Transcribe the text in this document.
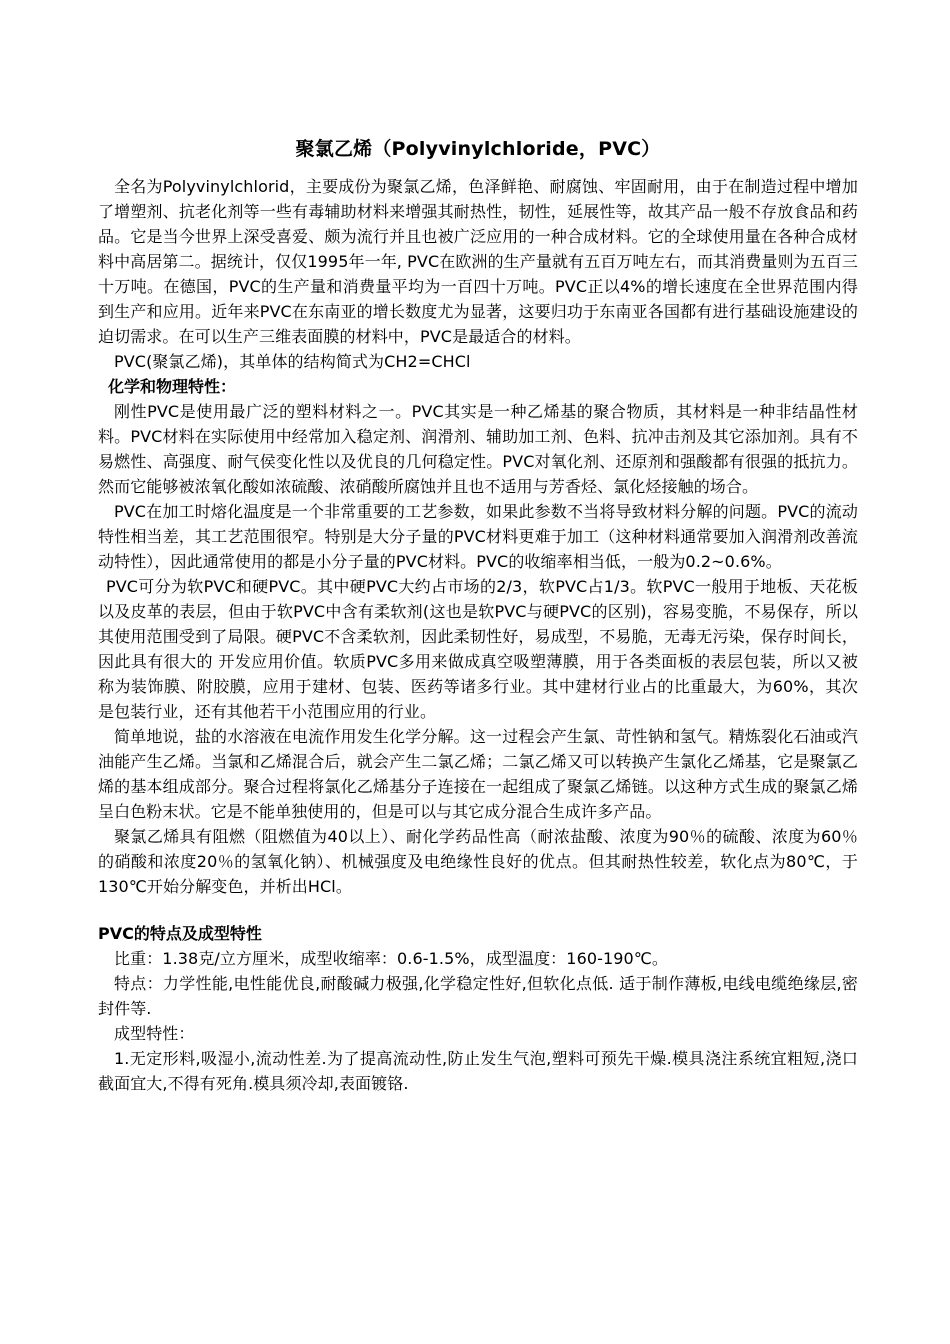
聚氯乙烯（Polyvinylchloride，PVC）

全名为Polyvinylchlorid，主要成份为聚氯乙烯，色泽鲜艳、耐腐蚀、牢固耐用，由于在制造过程中增加了增塑剂、抗老化剂等一些有毒辅助材料来增强其耐热性，韧性，延展性等，故其产品一般不存放食品和药品。它是当今世界上深受喜爱、颇为流行并且也被广泛应用的一种合成材料。它的全球使用量在各种合成材料中高居第二。据统计，仅仅1995年一年, PVC在欧洲的生产量就有五百万吨左右，而其消费量则为五百三十万吨。在德国，PVC的生产量和消费量平均为一百四十万吨。PVC正以4%的增长速度在全世界范围内得到生产和应用。近年来PVC在东南亚的增长数度尤为显著，这要归功于东南亚各国都有进行基础设施建设的迫切需求。在可以生产三维表面膜的材料中，PVC是最适合的材料。

PVC(聚氯乙烯)，其单体的结构简式为CH2=CHCl

化学和物理特性：

刚性PVC是使用最广泛的塑料材料之一。PVC其实是一种乙烯基的聚合物质，其材料是一种非结晶性材料。PVC材料在实际使用中经常加入稳定剂、润滑剂、辅助加工剂、色料、抗冲击剂及其它添加剂。具有不易燃性、高强度、耐气侯变化性以及优良的几何稳定性。PVC对氧化剂、还原剂和强酸都有很强的抵抗力。然而它能够被浓氧化酸如浓硫酸、浓硝酸所腐蚀并且也不适用与芳香烃、氯化烃接触的场合。

PVC在加工时熔化温度是一个非常重要的工艺参数，如果此参数不当将导致材料分解的问题。PVC的流动特性相当差，其工艺范围很窄。特别是大分子量的PVC材料更难于加工（这种材料通常要加入润滑剂改善流动特性），因此通常使用的都是小分子量的PVC材料。PVC的收缩率相当低，一般为0.2~0.6%。

PVC可分为软PVC和硬PVC。其中硬PVC大约占市场的2/3，软PVC占1/3。软PVC一般用于地板、天花板以及皮革的表层，但由于软PVC中含有柔软剂(这也是软PVC与硬PVC的区别)，容易变脆，不易保存，所以其使用范围受到了局限。硬PVC不含柔软剂，因此柔韧性好，易成型，不易脆，无毒无污染，保存时间长，因此具有很大的 开发应用价值。软质PVC多用来做成真空吸塑薄膜，用于各类面板的表层包装，所以又被称为装饰膜、附胶膜，应用于建材、包装、医药等诸多行业。其中建材行业占的比重最大，为60%，其次是包装行业，还有其他若干小范围应用的行业。

简单地说，盐的水溶液在电流作用发生化学分解。这一过程会产生氯、苛性钠和氢气。精炼裂化石油或汽油能产生乙烯。当氯和乙烯混合后，就会产生二氯乙烯；二氯乙烯又可以转换产生氯化乙烯基，它是聚氯乙烯的基本组成部分。聚合过程将氯化乙烯基分子连接在一起组成了聚氯乙烯链。以这种方式生成的聚氯乙烯呈白色粉末状。它是不能单独使用的，但是可以与其它成分混合生成许多产品。

聚氯乙烯具有阻燃（阻燃值为40以上）、耐化学药品性高（耐浓盐酸、浓度为90％的硫酸、浓度为60％的硝酸和浓度20％的氢氧化钠）、机械强度及电绝缘性良好的优点。但其耐热性较差，软化点为80℃，于130℃开始分解变色，并析出HCl。

PVC的特点及成型特性

比重：1.38克/立方厘米，成型收缩率：0.6-1.5%，成型温度：160-190℃。

特点：力学性能,电性能优良,耐酸碱力极强,化学稳定性好,但软化点低. 适于制作薄板,电线电缆绝缘层,密封件等.

成型特性：

1.无定形料,吸湿小,流动性差.为了提高流动性,防止发生气泡,塑料可预先干燥.模具浇注系统宜粗短,浇口截面宜大,不得有死角.模具须冷却,表面镀铬.
